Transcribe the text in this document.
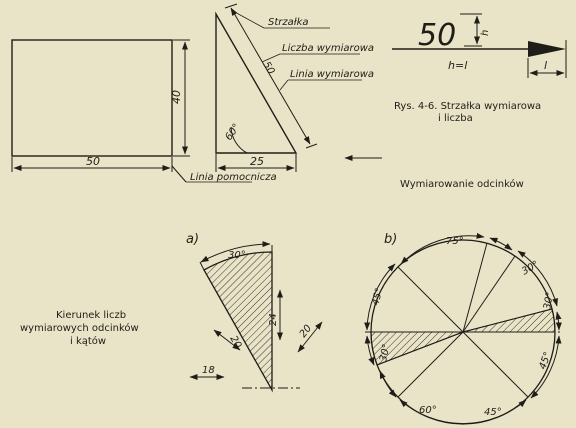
50
40
Linia pomocnicza
Strzałka
Liczba wymiarowa
Linia wymiarowa
50
25
60°
50 h
h=l	l
Rys. 4-6. Strzałka wymiarowa
i liczba
Wymiarowanie odcinków
Kierunek liczb
wymiarowych odcinków
i kątów
a)
30°
20
24
20
18
b)	75°
30°
30°
45°
45°
45°
60°
30°
